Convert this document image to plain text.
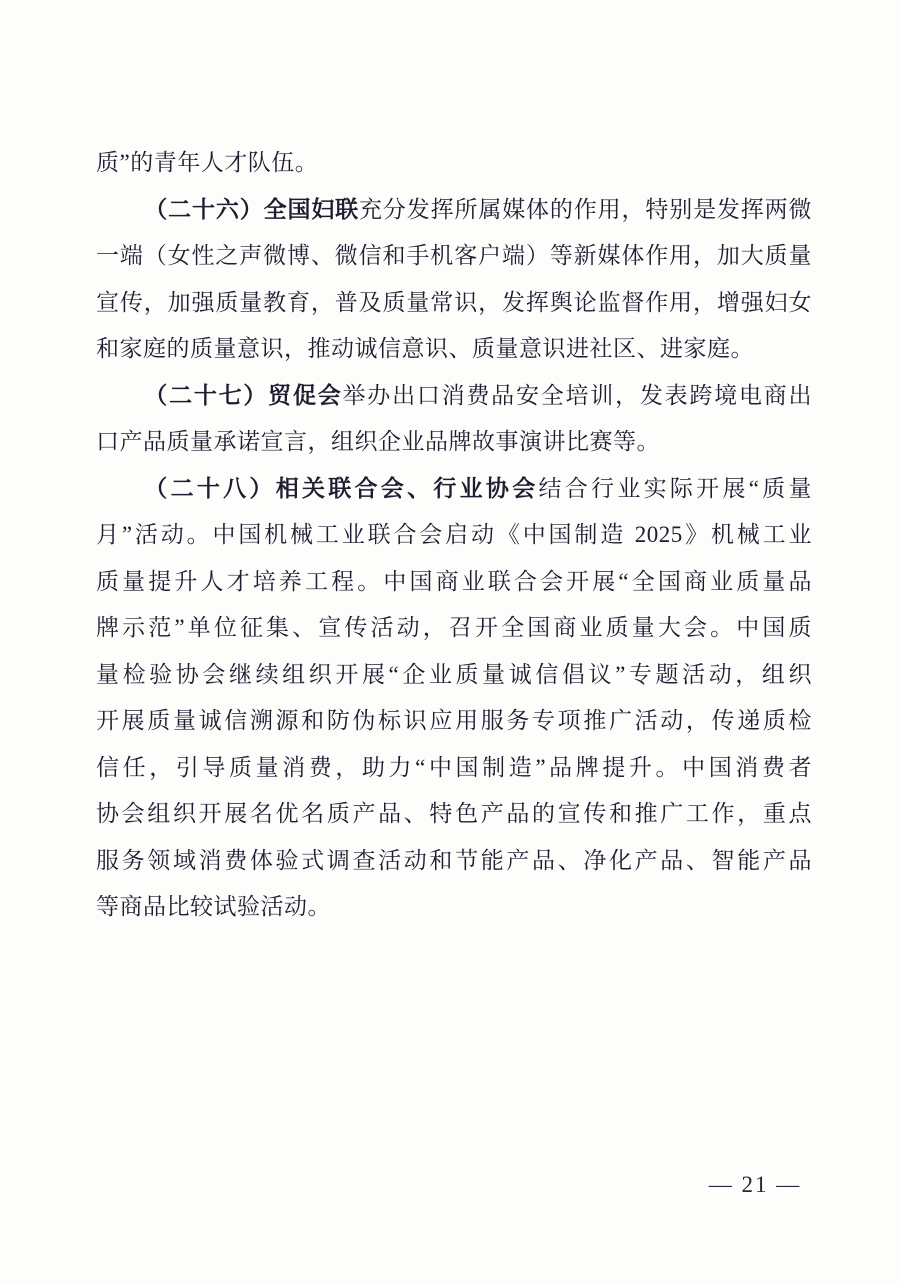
质”的青年人才队伍。
（二十六）全国妇联充分发挥所属媒体的作用，特别是发挥两微
一端（女性之声微博、微信和手机客户端）等新媒体作用，加大质量
宣传，加强质量教育，普及质量常识，发挥舆论监督作用，增强妇女
和家庭的质量意识，推动诚信意识、质量意识进社区、进家庭。
（二十七）贸促会举办出口消费品安全培训，发表跨境电商出
口产品质量承诺宣言，组织企业品牌故事演讲比赛等。
（二十八）相关联合会、行业协会结合行业实际开展“质量
月”活动。中国机械工业联合会启动《中国制造 2025》机械工业
质量提升人才培养工程。中国商业联合会开展“全国商业质量品
牌示范”单位征集、宣传活动，召开全国商业质量大会。中国质
量检验协会继续组织开展“企业质量诚信倡议”专题活动，组织
开展质量诚信溯源和防伪标识应用服务专项推广活动，传递质检
信任，引导质量消费，助力“中国制造”品牌提升。中国消费者
协会组织开展名优名质产品、特色产品的宣传和推广工作，重点
服务领域消费体验式调查活动和节能产品、净化产品、智能产品
等商品比较试验活动。
— 21 —
